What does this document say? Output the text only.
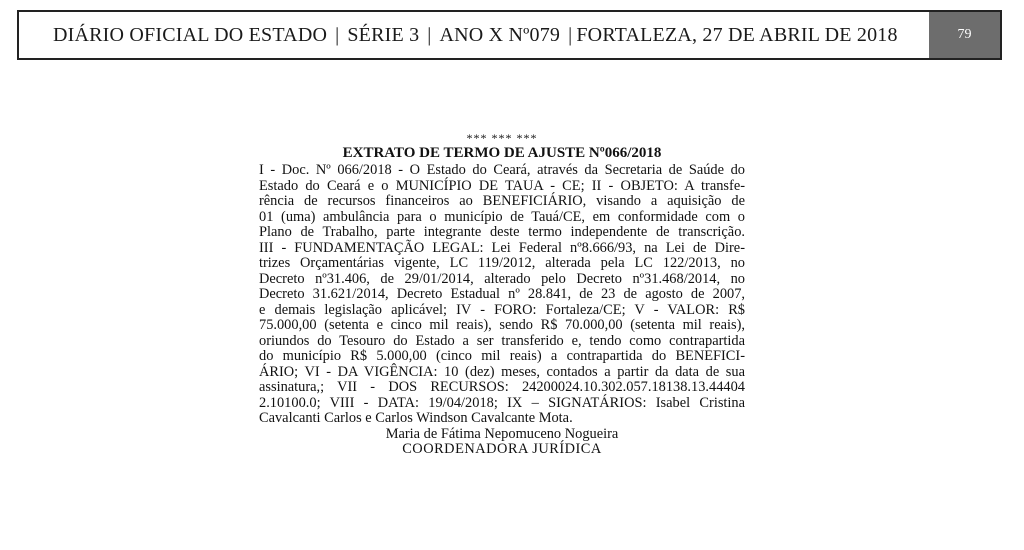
DIÁRIO OFICIAL DO ESTADO | SÉRIE 3 | ANO X Nº079 | FORTALEZA, 27 DE ABRIL DE 2018	79
*** *** ***
EXTRATO DE TERMO DE AJUSTE Nº066/2018
I - Doc. Nº 066/2018 - O Estado do Ceará, através da Secretaria de Saúde do
Estado do Ceará e o MUNICÍPIO DE TAUA - CE; II - OBJETO: A transfe-
rência de recursos financeiros ao BENEFICIÁRIO, visando a aquisição de
01 (uma) ambulância para o município de Tauá/CE, em conformidade com o
Plano de Trabalho, parte integrante deste termo independente de transcrição.
III - FUNDAMENTAÇÃO LEGAL: Lei Federal nº8.666/93, na Lei de Dire-
trizes Orçamentárias vigente, LC 119/2012, alterada pela LC 122/2013, no
Decreto nº31.406, de 29/01/2014, alterado pelo Decreto nº31.468/2014, no
Decreto 31.621/2014, Decreto Estadual nº 28.841, de 23 de agosto de 2007,
e demais legislação aplicável; IV - FORO: Fortaleza/CE; V - VALOR: R$
75.000,00 (setenta e cinco mil reais), sendo R$ 70.000,00 (setenta mil reais),
oriundos do Tesouro do Estado a ser transferido e, tendo como contrapartida
do município R$ 5.000,00 (cinco mil reais) a contrapartida do BENEFICI-
ÁRIO; VI - DA VIGÊNCIA: 10 (dez) meses, contados a partir da data de sua
assinatura,; VII - DOS RECURSOS: 24200024.10.302.057.18138.13.44404
2.10100.0; VIII - DATA: 19/04/2018; IX – SIGNATÁRIOS: Isabel Cristina
Cavalcanti Carlos e Carlos Windson Cavalcante Mota.
Maria de Fátima Nepomuceno Nogueira
COORDENADORA JURÍDICA
